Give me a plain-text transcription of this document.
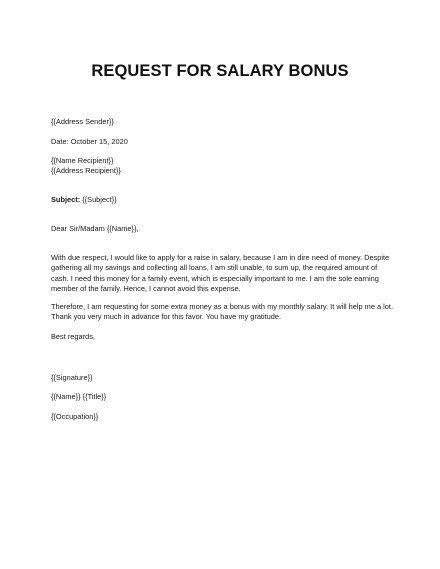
REQUEST FOR SALARY BONUS

{{Address Sender}}

Date: October 15, 2020

{{Name Recipient}}

{{Address Recipient}}

Subject: {{Subject}}

Dear Sir/Madam {{Name}},

With due respect, I would like to apply for a raise in salary, because I am in dire need of money. Despite
gathering all my savings and collecting all loans, I am still unable, to sum up, the required amount of
cash. I need this money for a family event, which is especially important to me. I am the sole earning
member of the family. Hence, I cannot avoid this expense.

Therefore, I am requesting for some extra money as a bonus with my monthly salary. It will help me a lot.
Thank you very much in advance for this favor. You have my gratitude.

Best regards,

{{Signature}}

{{Name}} {{Title}}

{{Occupation}}
